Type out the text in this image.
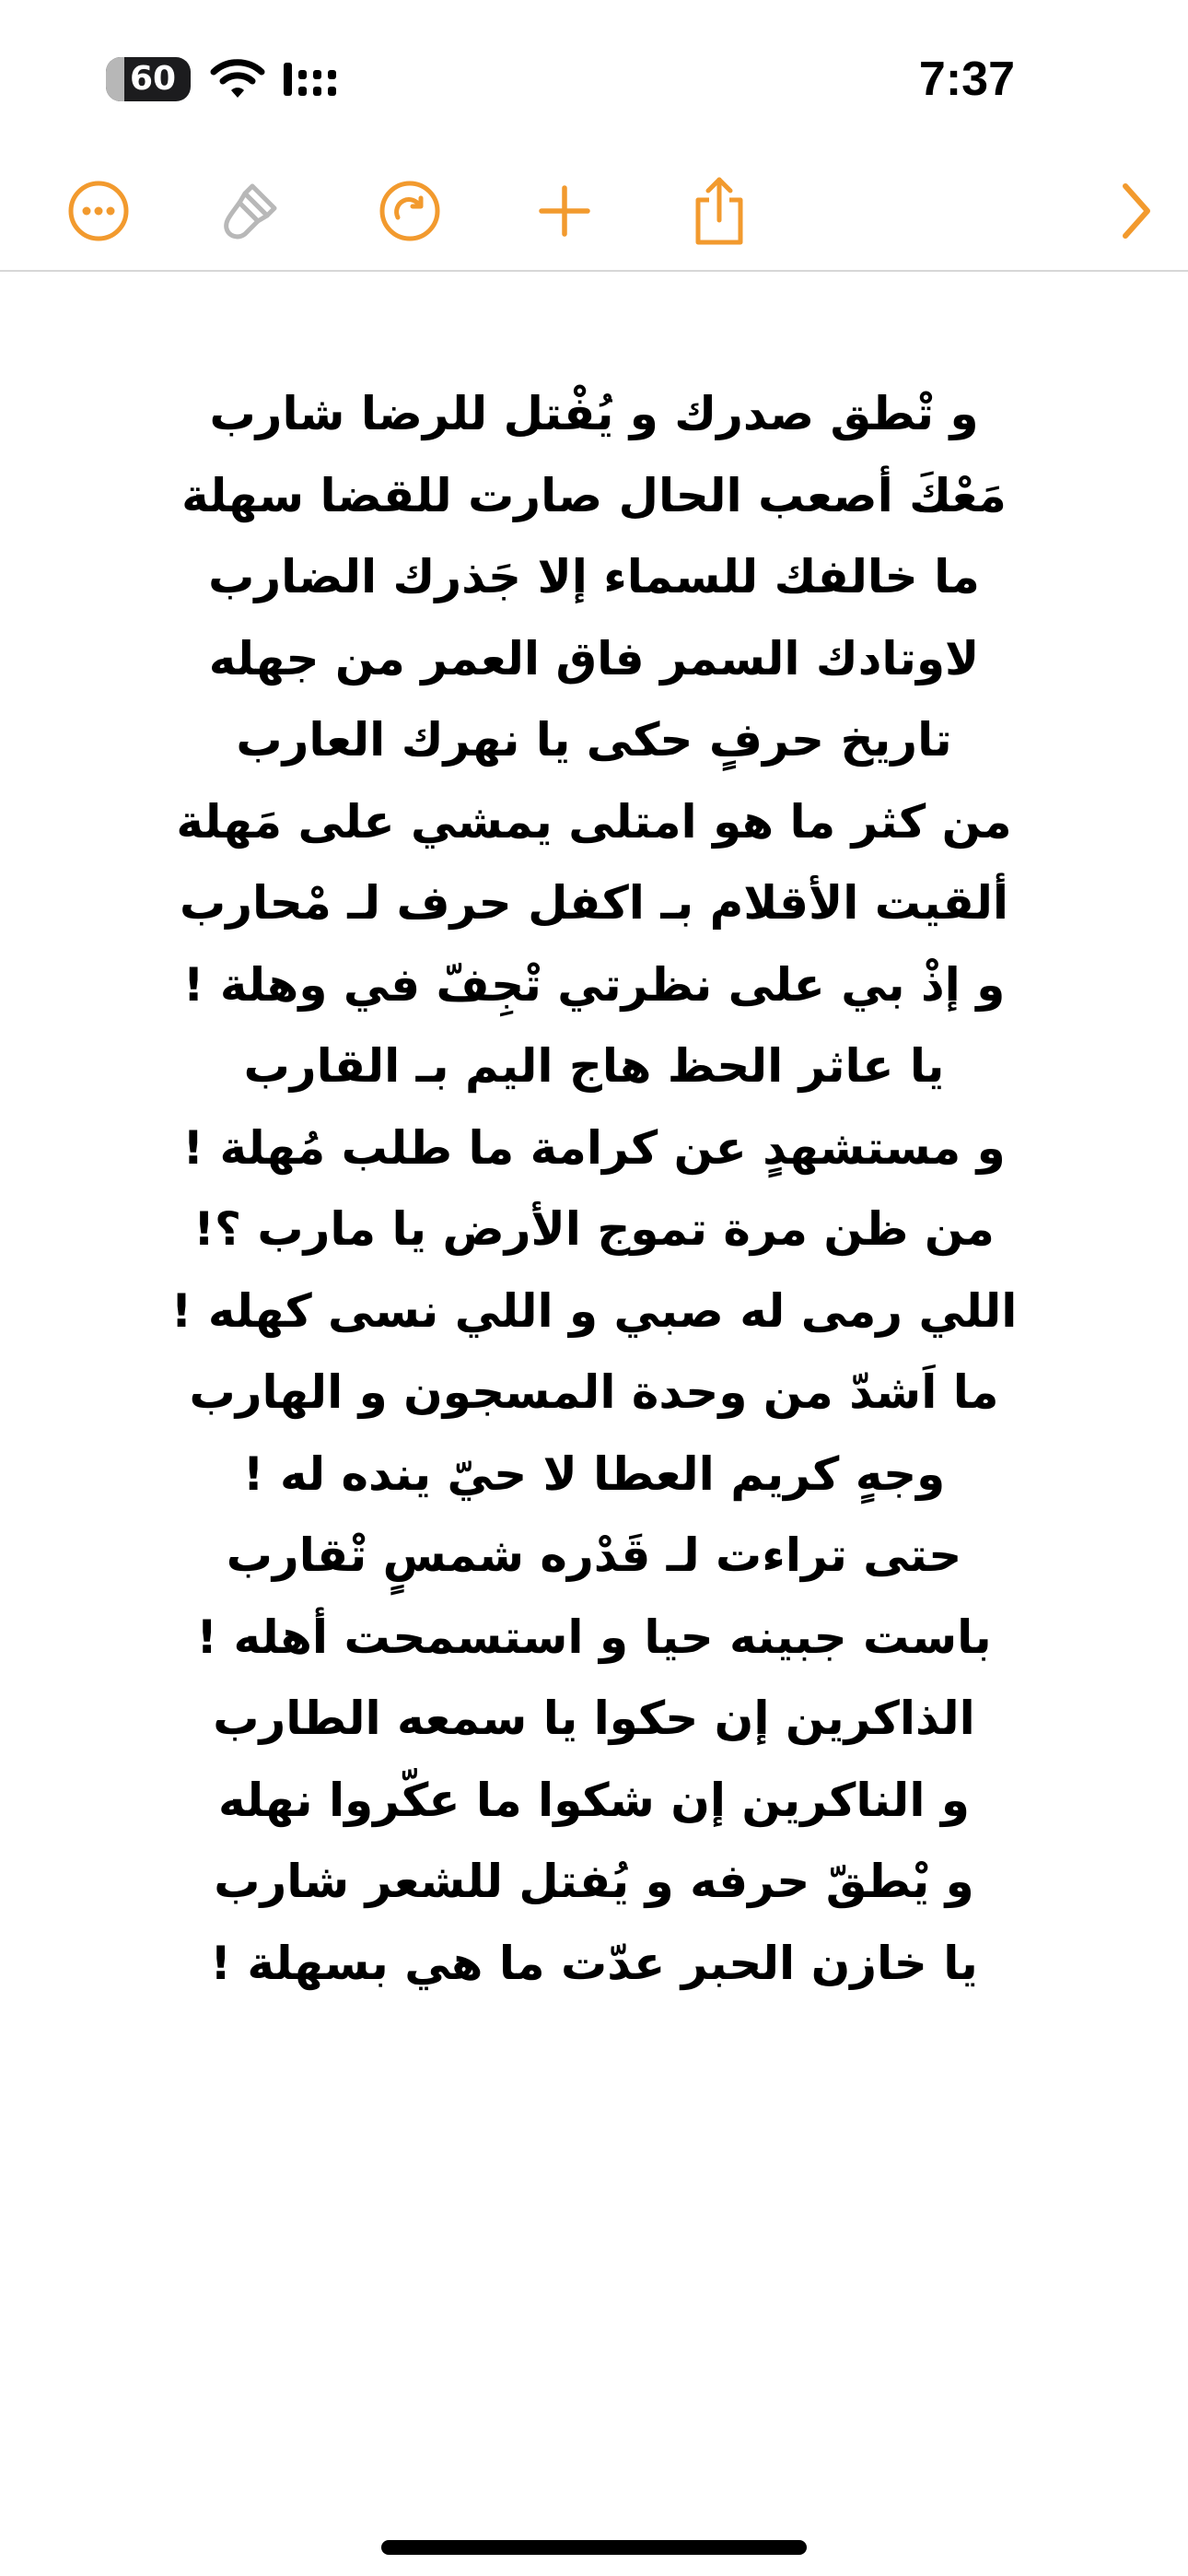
60	7:37
و تْطق صدرك و يُفْتل للرضا شارب
مَعْكَ أصعب الحال صارت للقضا سهلة
ما خالفك للسماء إلا جَذرك الضارب
لاوتادك السمر فاق العمر من جهله
تاريخ حرفٍ حكى يا نهرك العارب
من كثر ما هو امتلى يمشي على مَهلة
ألقيت الأقلام بـ اكفل حرف لـ مْحارب
و إذْ بي على نظرتي تْجِفّ في وهلة !
يا عاثر الحظ هاج اليم بـ القارب
و مستشهدٍ عن كرامة ما طلب مُهلة !
من ظن مرة تموج الأرض يا مارب ؟!
اللي رمى له صبي و اللي نسى كهله !
ما اَشدّ من وحدة المسجون و الهارب
وجهٍ كريم العطا لا حيّ ينده له !
حتى تراءت لـ قَدْره شمسٍ تْقارب
باست جبينه حيا و استسمحت أهله !
الذاكرين إن حكوا يا سمعه الطارب
و الناكرين إن شكوا ما عكّروا نهله
و يْطقّ حرفه و يُفتل للشعر شارب
يا خازن الحبر عدّت ما هي بسهلة !
